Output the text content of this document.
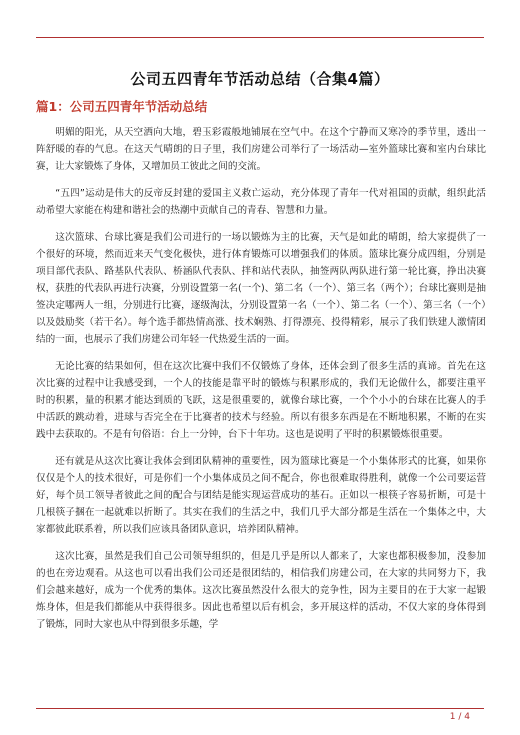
公司五四青年节活动总结（合集4篇）
篇1：公司五四青年节活动总结

明媚的阳光，从天空洒向大地，碧玉彩霞般地铺展在空气中。在这个宁静而又寒冷的季节里，透出一阵舒暖的春的气息。在这天气晴朗的日子里，我们房建公司举行了一场活动—室外篮球比赛和室内台球比赛，让大家锻炼了身体，又增加员工彼此之间的交流。

“五四”运动是伟大的反帝反封建的爱国主义救亡运动，充分体现了青年一代对祖国的贡献，组织此活动希望大家能在构建和谐社会的热潮中贡献自己的青春、智慧和力量。

这次篮球、台球比赛是我们公司进行的一场以锻炼为主的比赛，天气是如此的晴朗，给大家提供了一个很好的环境，然而近来天气变化极快，进行体育锻炼可以增强我们的体质。篮球比赛分成四组，分别是项目部代表队、路基队代表队、桥涵队代表队、拌和站代表队，抽签两队两队进行第一轮比赛，挣出决赛权，获胜的代表队再进行决赛，分别设置第一名(一个)、第二名（一个）、第三名（两个）；台球比赛则是抽签决定哪两人一组，分别进行比赛，逐级淘汰，分别设置第一名（一个）、第二名（一个）、第三名（一个）以及鼓励奖（若干名）。每个选手都热情高涨、技术娴熟、打得漂亮、投得精彩，展示了我们铁建人激情团结的一面，也展示了我们房建公司年轻一代热爱生活的一面。

无论比赛的结果如何，但在这次比赛中我们不仅锻炼了身体，还体会到了很多生活的真谛。首先在这次比赛的过程中让我感受到，一个人的技能是靠平时的锻炼与积累形成的，我们无论做什么，都要注重平时的积累，量的积累才能达到质的飞跃，这是很重要的，就像台球比赛，一个个小小的台球在比赛人的手中活跃的跳动着，进球与否完全在于比赛者的技术与经验。所以有很多东西是在不断地积累，不断的在实践中去获取的。不是有句俗语：台上一分钟，台下十年功。这也是说明了平时的积累锻炼很重要。

还有就是从这次比赛让我体会到团队精神的重要性，因为篮球比赛是一个小集体形式的比赛，如果你仅仅是个人的技术很好，可是你们一个小集体成员之间不配合，你也很难取得胜利，就像一个公司要运营好，每个员工领导者彼此之间的配合与团结是能实现运营成功的基石。正如以一根筷子容易折断，可是十几根筷子捆在一起就难以折断了。其实在我们的生活之中，我们几乎大部分都是生活在一个集体之中，大家都彼此联系着，所以我们应该具备团队意识，培养团队精神。

这次比赛，虽然是我们自己公司领导组织的，但是几乎是所以人都来了，大家也都积极参加，没参加的也在旁边观看。从这也可以看出我们公司还是很团结的，相信我们房建公司，在大家的共同努力下，我们会越来越好，成为一个优秀的集体。这次比赛虽然没什么很大的竞争性，因为主要目的在于大家一起锻炼身体，但是我们都能从中获得很多。因此也希望以后有机会，多开展这样的活动，不仅大家的身体得到了锻炼，同时大家也从中得到很多乐趣，学

1 / 4
